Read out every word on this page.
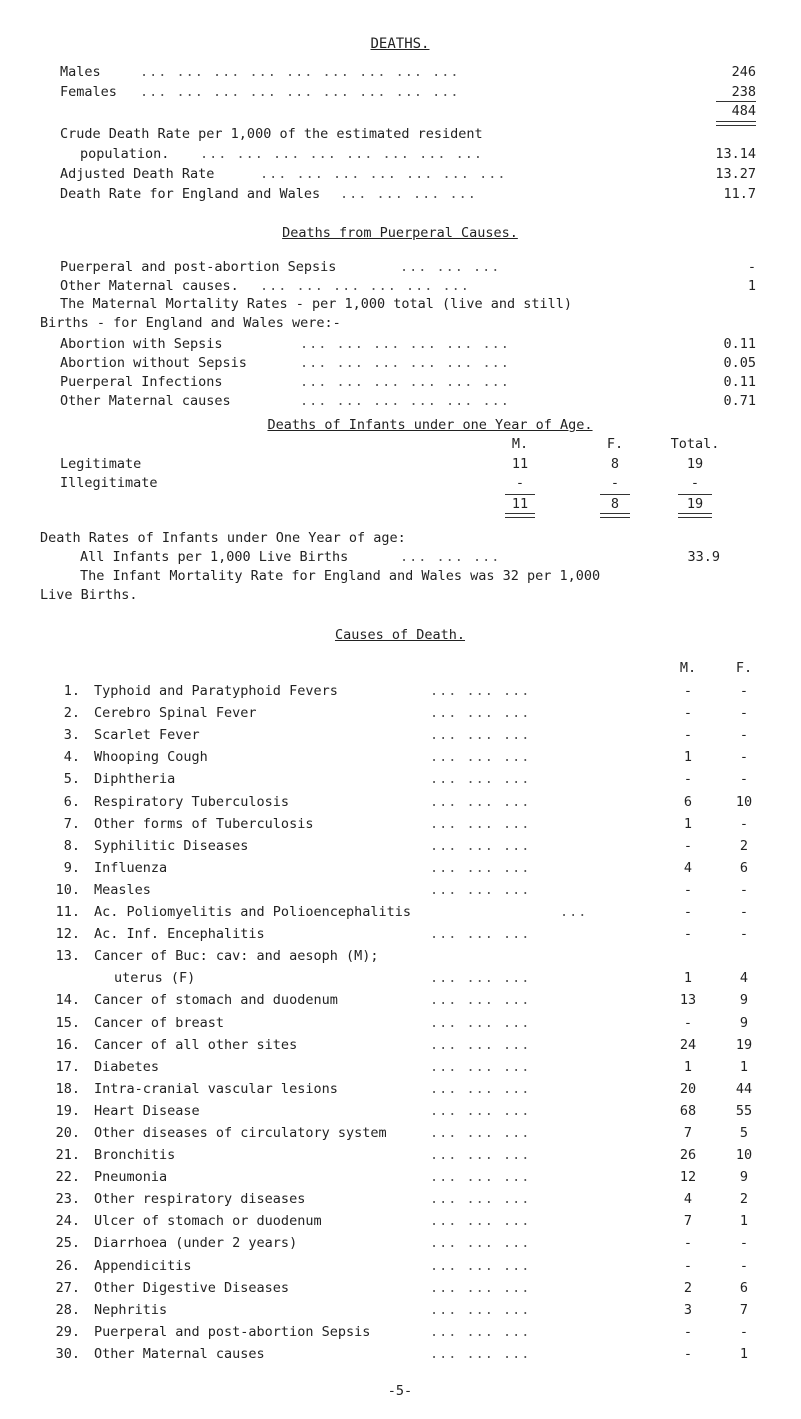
DEATHS.
Males	... ... ... ... ... ... ... ... ...	246
Females ... ... ... ... ... ... ... ... ...	238
484
Crude Death Rate per 1,000 of the estimated resident
population. ... ... ... ... ... ... ... ...	13.14
Adjusted Death Rate	... ... ... ... ... ... ...	13.27
Death Rate for England and Wales ... ... ... ...	11.7
Deaths from Puerperal Causes.
Puerperal and post-abortion Sepsis	... ... ...	-
Other Maternal causes. ... ... ... ... ... ...	1
The Maternal Mortality Rates - per 1,000 total (live and still)
Births - for England and Wales were:-
Abortion with Sepsis	... ... ... ... ... ...	0.11
Abortion without Sepsis	... ... ... ... ... ...	0.05
Puerperal Infections	... ... ... ... ... ...	0.11
Other Maternal causes	... ... ... ... ... ...	0.71
Deaths of Infants under one Year of Age.
M.	F.	Total.
Legitimate	11	8	19
Illegitimate	-	-	-
11	8	19
Death Rates of Infants under One Year of age:
All Infants per 1,000 Live Births	... ... ...	33.9
The Infant Mortality Rate for England and Wales was 32 per 1,000
Live Births.
Causes of Death.
M.	F.
1. Typhoid and Paratyphoid Fevers	... ... ...	-	-
2. Cerebro Spinal Fever	... ... ...	-	-
3. Scarlet Fever	... ... ...	-	-
4. Whooping Cough	... ... ...	1	-
5. Diphtheria	... ... ...	-	-
6. Respiratory Tuberculosis	... ... ...	6	10
7. Other forms of Tuberculosis	... ... ...	1	-
8. Syphilitic Diseases	... ... ...	-	2
9. Influenza	... ... ...	4	6
10. Measles	... ... ...	-	-
11. Ac. Poliomyelitis and Polioencephalitis	...	-	-
12. Ac. Inf. Encephalitis	... ... ...	-	-
13. Cancer of Buc: cav: and aesoph (M);
uterus (F)	... ... ...	1	4
14. Cancer of stomach and duodenum	... ... ...	13	9
15. Cancer of breast	... ... ...	-	9
16. Cancer of all other sites	... ... ...	24	19
17. Diabetes	... ... ...	1	1
18. Intra-cranial vascular lesions	... ... ...	20	44
19. Heart Disease	... ... ...	68	55
20. Other diseases of circulatory system	... ... ...	7	5
21. Bronchitis	... ... ...	26	10
22. Pneumonia	... ... ...	12	9
23. Other respiratory diseases	... ... ...	4	2
24. Ulcer of stomach or duodenum	... ... ...	7	1
25. Diarrhoea (under 2 years)	... ... ...	-	-
26. Appendicitis	... ... ...	-	-
27. Other Digestive Diseases	... ... ...	2	6
28. Nephritis	... ... ...	3	7
29. Puerperal and post-abortion Sepsis	... ... ...	-	-
30. Other Maternal causes	... ... ...	-	1
-5-
